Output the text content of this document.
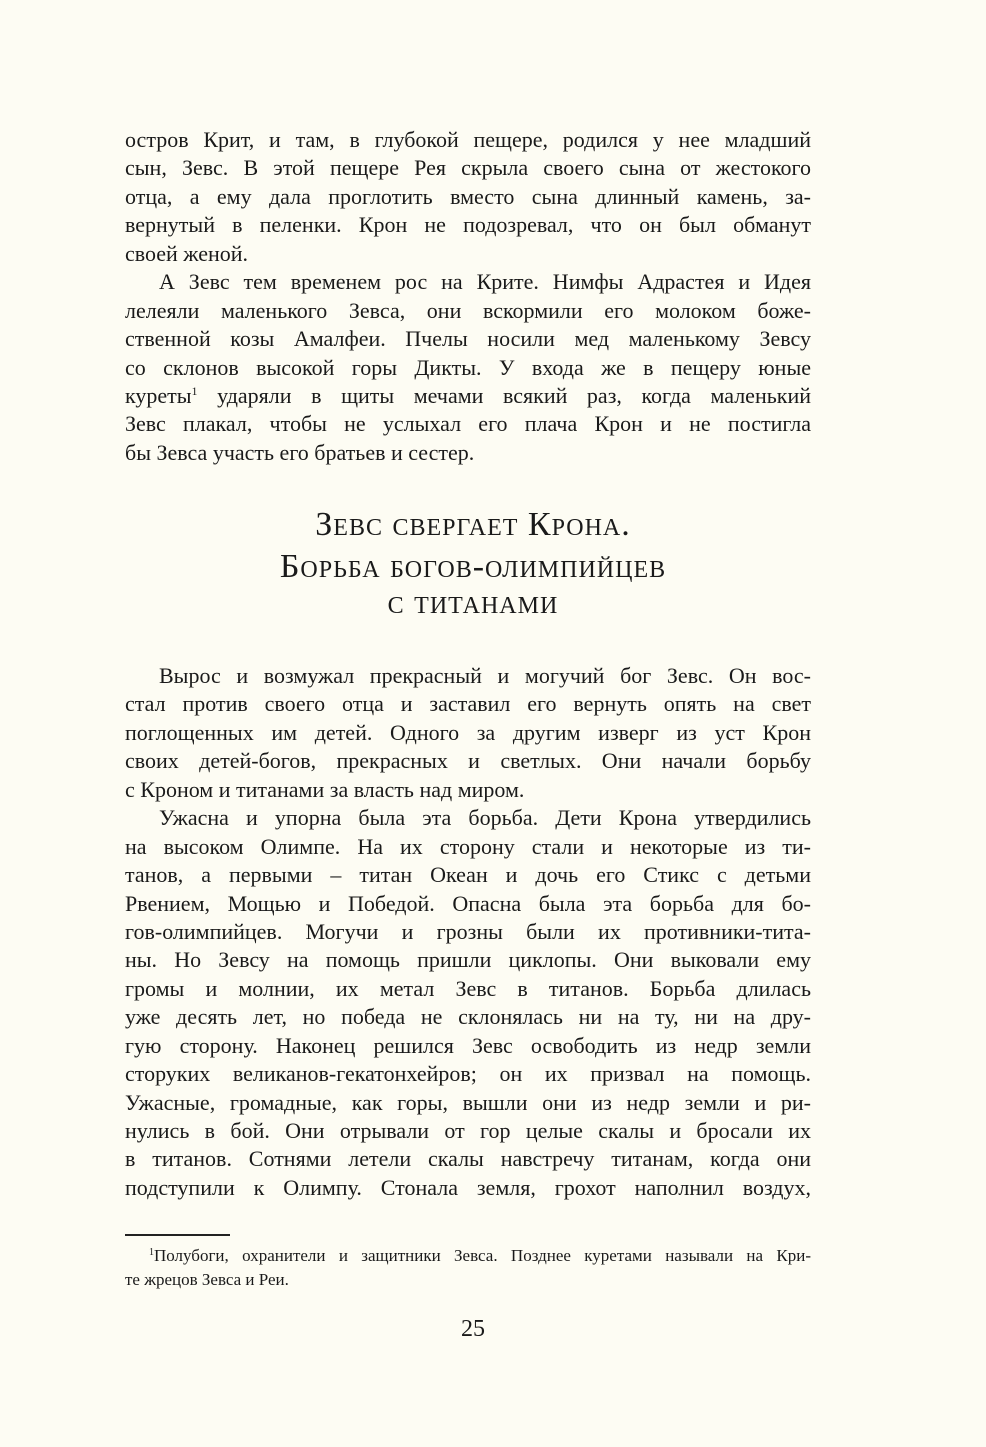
остров Крит, и там, в глубокой пещере, родился у нее младший
сын, Зевс. В этой пещере Рея скрыла своего сына от жестокого
отца, а ему дала проглотить вместо сына длинный камень, за-
вернутый в пеленки. Крон не подозревал, что он был обманут
своей женой.
А Зевс тем временем рос на Крите. Нимфы Адрастея и Идея
лелеяли маленького Зевса, они вскормили его молоком боже-
ственной козы Амалфеи. Пчелы носили мед маленькому Зевсу
со склонов высокой горы Дикты. У входа же в пещеру юные
куреты$^1$ ударяли в щиты мечами всякий раз, когда маленький
Зевс плакал, чтобы не услыхал его плача Крон и не постигла
бы Зевса участь его братьев и сестер.
Зевс свергает Крона.
Борьба богов-олимпийцев
с титанами
Вырос и возмужал прекрасный и могучий бог Зевс. Он вос-
стал против своего отца и заставил его вернуть опять на свет
поглощенных им детей. Одного за другим изверг из уст Крон
своих детей-богов, прекрасных и светлых. Они начали борьбу
с Кроном и титанами за власть над миром.
Ужасна и упорна была эта борьба. Дети Крона утвердились
на высоком Олимпе. На их сторону стали и некоторые из ти-
танов, а первыми – титан Океан и дочь его Стикс с детьми
Рвением, Мощью и Победой. Опасна была эта борьба для бо-
гов-олимпийцев. Могучи и грозны были их противники-тита-
ны. Но Зевсу на помощь пришли циклопы. Они выковали ему
громы и молнии, их метал Зевс в титанов. Борьба длилась
уже десять лет, но победа не склонялась ни на ту, ни на дру-
гую сторону. Наконец решился Зевс освободить из недр земли
сторуких великанов-гекатонхейров; он их призвал на помощь.
Ужасные, громадные, как горы, вышли они из недр земли и ри-
нулись в бой. Они отрывали от гор целые скалы и бросали их
в титанов. Сотнями летели скалы навстречу титанам, когда они
подступили к Олимпу. Стонала земля, грохот наполнил воздух,
$^1$Полубоги, охранители и защитники Зевса. Позднее куретами называли на Кри-
те жрецов Зевса и Реи.
25
